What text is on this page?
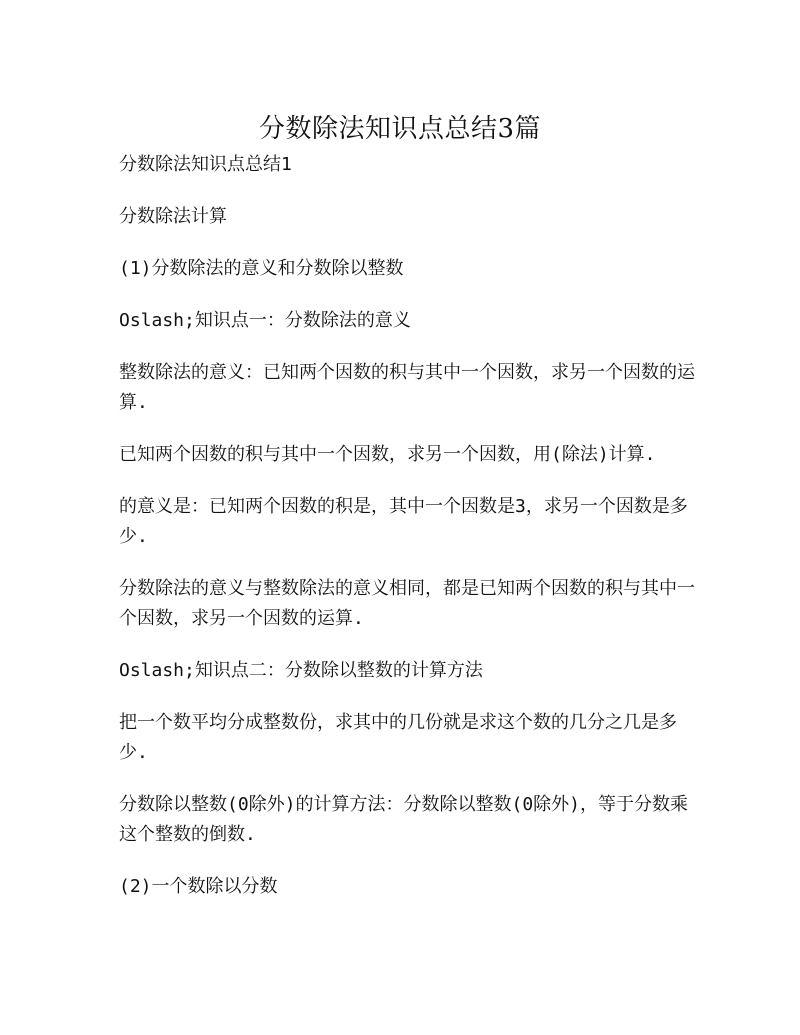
分数除法知识点总结3篇

分数除法知识点总结1

分数除法计算

(1)分数除法的意义和分数除以整数

Oslash;知识点一：分数除法的意义

整数除法的意义：已知两个因数的积与其中一个因数，求另一个因数的运算.

已知两个因数的积与其中一个因数，求另一个因数，用(除法)计算.

的意义是：已知两个因数的积是，其中一个因数是3，求另一个因数是多少.

分数除法的意义与整数除法的意义相同，都是已知两个因数的积与其中一个因数，求另一个因数的运算.

Oslash;知识点二：分数除以整数的计算方法

把一个数平均分成整数份，求其中的几份就是求这个数的几分之几是多少.

分数除以整数(0除外)的计算方法：分数除以整数(0除外)，等于分数乘这个整数的倒数.

(2)一个数除以分数
